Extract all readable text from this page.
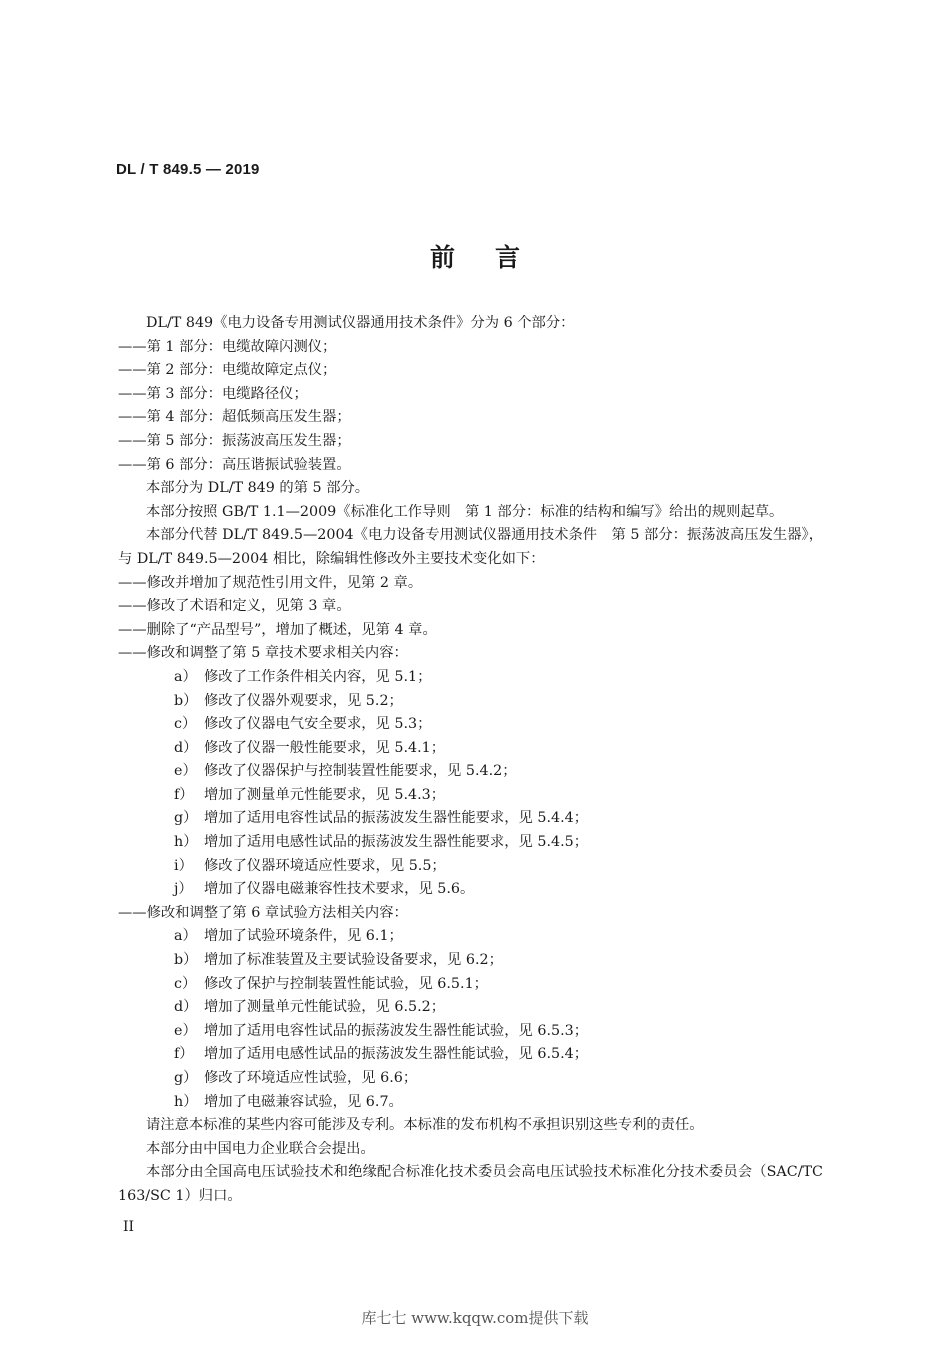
DL / T 849.5 — 2019
前言

DL/T 849《电力设备专用测试仪器通用技术条件》分为 6 个部分：

——第 1 部分：电缆故障闪测仪；

——第 2 部分：电缆故障定点仪；

——第 3 部分：电缆路径仪；

——第 4 部分：超低频高压发生器；

——第 5 部分：振荡波高压发生器；

——第 6 部分：高压谐振试验装置。

本部分为 DL/T 849 的第 5 部分。

本部分按照 GB/T 1.1—2009《标准化工作导则　第 1 部分：标准的结构和编写》给出的规则起草。

本部分代替 DL/T 849.5—2004《电力设备专用测试仪器通用技术条件　第 5 部分：振荡波高压发生器》，与 DL/T 849.5—2004 相比，除编辑性修改外主要技术变化如下：

——修改并增加了规范性引用文件，见第 2 章。

——修改了术语和定义，见第 3 章。

——删除了“产品型号”，增加了概述，见第 4 章。

——修改和调整了第 5 章技术要求相关内容：

a） 修改了工作条件相关内容，见 5.1；

b） 修改了仪器外观要求，见 5.2；

c） 修改了仪器电气安全要求，见 5.3；

d） 修改了仪器一般性能要求，见 5.4.1；

e） 修改了仪器保护与控制装置性能要求，见 5.4.2；

f） 增加了测量单元性能要求，见 5.4.3；

g） 增加了适用电容性试品的振荡波发生器性能要求，见 5.4.4；

h） 增加了适用电感性试品的振荡波发生器性能要求，见 5.4.5；

i） 修改了仪器环境适应性要求，见 5.5；

j） 增加了仪器电磁兼容性技术要求，见 5.6。

——修改和调整了第 6 章试验方法相关内容：

a） 增加了试验环境条件，见 6.1；

b） 增加了标准装置及主要试验设备要求，见 6.2；

c） 修改了保护与控制装置性能试验，见 6.5.1；

d） 增加了测量单元性能试验，见 6.5.2；

e） 增加了适用电容性试品的振荡波发生器性能试验，见 6.5.3；

f） 增加了适用电感性试品的振荡波发生器性能试验，见 6.5.4；

g） 修改了环境适应性试验，见 6.6；

h） 增加了电磁兼容试验，见 6.7。

请注意本标准的某些内容可能涉及专利。本标准的发布机构不承担识别这些专利的责任。

本部分由中国电力企业联合会提出。

本部分由全国高电压试验技术和绝缘配合标准化技术委员会高电压试验技术标准化分技术委员会（SAC/TC 163/SC 1）归口。

II
库七七 www.kqqw.com提供下载
